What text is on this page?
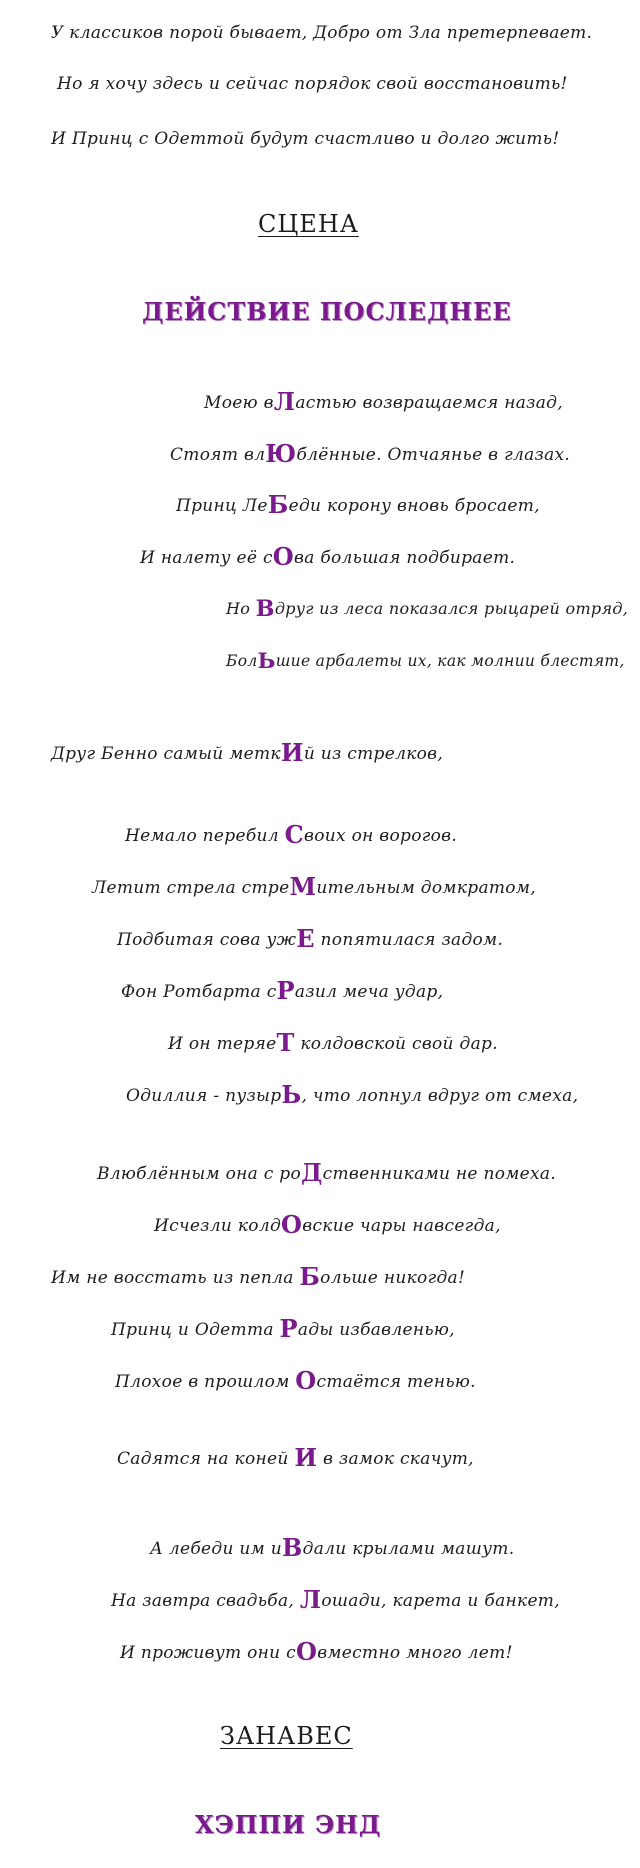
У классиков порой бывает, Добро от Зла претерпевает.
Но я хочу здесь и сейчас порядок свой восстановить!
И Принц с Одеттой будут счастливо и долго жить!
СЦЕНА
ДЕЙСТВИЕ ПОСЛЕДНЕЕ
Моею вЛастью возвращаемся назад,
Стоят влЮблённые. Отчаянье в глазах.
Принц ЛеБеди корону вновь бросает,
И налету её сОва большая подбирает.
Но Вдруг из леса показался рыцарей отряд,
БолЬшие арбалеты их, как молнии блестят,
Друг Бенно самый меткИй из стрелков,
Немало перебил Своих он ворогов.
Летит стрела стреМительным домкратом,
Подбитая сова ужЕ попятилася задом.
Фон Ротбарта сРазил меча удар,
И он теряеТ колдовской свой дар.
Одиллия - пузырЬ, что лопнул вдруг от смеха,
Влюблённым она с роДственниками не помеха.
Исчезли колдОвские чары навсегда,
Им не восстать из пепла Больше никогда!
Принц и Одетта Рады избавленью,
Плохое в прошлом Остаётся тенью.
Садятся на коней И в замок скачут,
А лебеди им иВдали крылами машут.
На завтра свадьба, Лошади, карета и банкет,
И проживут они сОвместно много лет!
ЗАНАВЕС
ХЭППИ ЭНД
